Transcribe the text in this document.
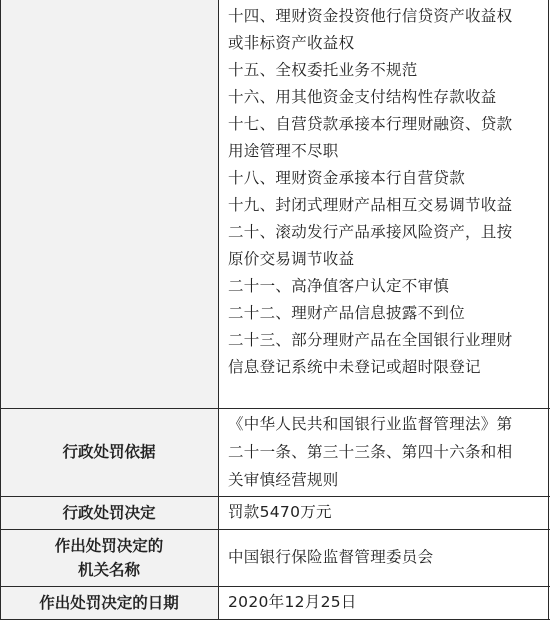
十四、理财资金投资他行信贷资产收益权
或非标资产收益权
十五、全权委托业务不规范
十六、用其他资金支付结构性存款收益
十七、自营贷款承接本行理财融资、贷款
用途管理不尽职
十八、理财资金承接本行自营贷款
十九、封闭式理财产品相互交易调节收益
二十、滚动发行产品承接风险资产，且按
原价交易调节收益
二十一、高净值客户认定不审慎
二十二、理财产品信息披露不到位
二十三、部分理财产品在全国银行业理财
信息登记系统中未登记或超时限登记
行政处罚依据
《中华人民共和国银行业监督管理法》第
二十一条、第三十三条、第四十六条和相
关审慎经营规则
行政处罚决定	罚款5470万元
作出处罚决定的
机关名称
中国银行保险监督管理委员会
作出处罚决定的日期	2020年12月25日
